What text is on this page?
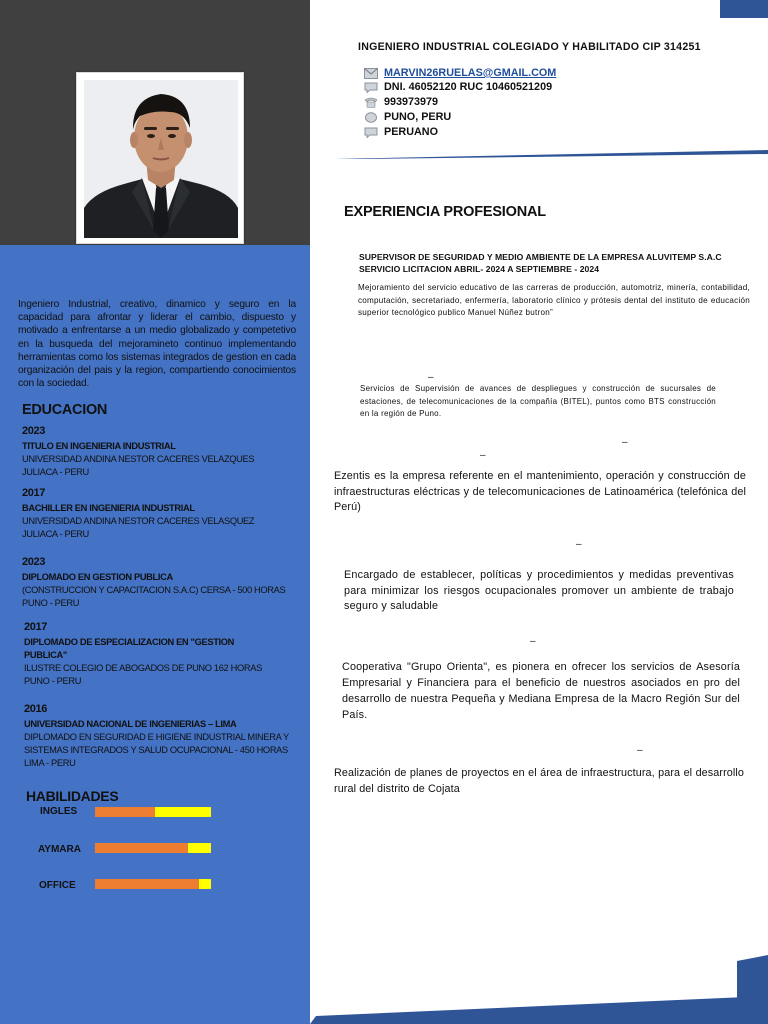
Ingeniero Industrial, creativo, dinamico y seguro en la capacidad para afrontar y liderar el cambio, dispuesto y motivado a enfrentarse a un medio globalizado y competetivo en la busqueda del mejoramineto continuo implementando herramientas como los sistemas integrados de gestion en cada organización del pais y la region, compartiendo conocimientos con la sociedad.
EDUCACION
2023
TITULO EN INGENIERIA INDUSTRIAL
UNIVERSIDAD ANDINA NESTOR CACERES VELAZQUES
JULIACA - PERU
2017
BACHILLER EN INGENIERIA INDUSTRIAL
UNIVERSIDAD ANDINA NESTOR CACERES VELASQUEZ
JULIACA - PERU
2023
DIPLOMADO EN GESTION PUBLICA
(CONSTRUCCION Y CAPACITACION S.A.C) CERSA - 500 HORAS
PUNO - PERU
2017
DIPLOMADO DE ESPECIALIZACION EN "GESTION PUBLICA"
ILUSTRE COLEGIO DE ABOGADOS DE PUNO 162 HORAS
PUNO - PERU
2016
UNIVERSIDAD NACIONAL DE INGENIERIAS – LIMA
DIPLOMADO EN SEGURIDAD E HIGIENE INDUSTRIAL MINERA Y SISTEMAS INTEGRADOS Y SALUD OCUPACIONAL - 450 HORAS
LIMA - PERU
HABILIDADES
INGLES
AYMARA
OFFICE
INGENIERO INDUSTRIAL COLEGIADO Y HABILITADO CIP 314251
MARVIN26RUELAS@GMAIL.COM
DNI. 46052120 RUC 10460521209
993973979
PUNO, PERU
PERUANO
EXPERIENCIA PROFESIONAL
SUPERVISOR DE SEGURIDAD Y MEDIO AMBIENTE DE LA EMPRESA ALUVITEMP S.A.C SERVICIO LICITACION ABRIL- 2024 A SEPTIEMBRE - 2024
Mejoramiento del servicio educativo de las carreras de producción, automotriz, minería, contabilidad, computación, secretariado, enfermería, laboratorio clínico y prótesis dental del instituto de educación superior tecnológico publico Manuel Núñez butron”
–
Servicios de Supervisión de avances de despliegues y construcción de sucursales de estaciones, de telecomunicaciones de la compañía (BITEL), puntos como BTS construcción en la región de Puno.
–
–
Ezentis es la empresa referente en el mantenimiento, operación y construcción de infraestructuras eléctricas y de telecomunicaciones de Latinoamérica (telefónica del Perú)
–
Encargado de establecer, políticas y procedimientos y medidas preventivas para minimizar los riesgos ocupacionales promover un ambiente de trabajo seguro y saludable
–
Cooperativa "Grupo Orienta", es pionera en ofrecer los servicios de Asesoría Empresarial y Financiera para el beneficio de nuestros asociados en pro del desarrollo de nuestra Pequeña y Mediana Empresa de la Macro Región Sur del País.
–
Realización de planes de proyectos en el área de infraestructura, para el desarrollo rural del distrito de Cojata
